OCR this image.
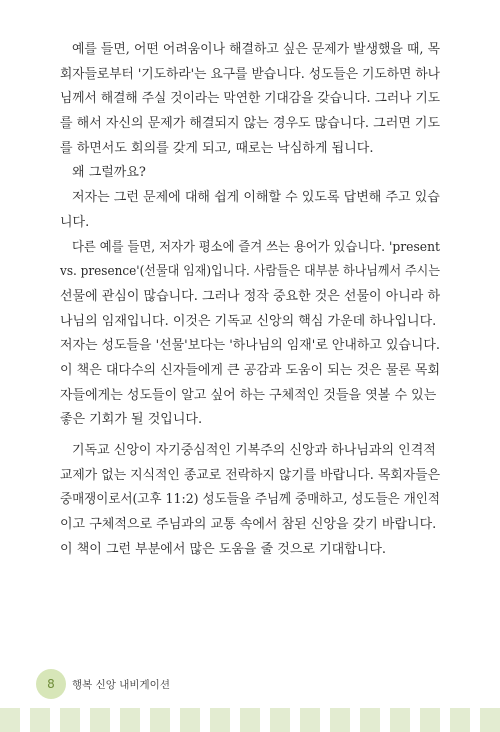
예를 들면, 어떤 어려움이나 해결하고 싶은 문제가 발생했을 때, 목
회자들로부터 '기도하라'는 요구를 받습니다. 성도들은 기도하면 하나
님께서 해결해 주실 것이라는 막연한 기대감을 갖습니다. 그러나 기도
를 해서 자신의 문제가 해결되지 않는 경우도 많습니다. 그러면 기도
를 하면서도 회의를 갖게 되고, 때로는 낙심하게 됩니다.
왜 그럴까요?
저자는 그런 문제에 대해 쉽게 이해할 수 있도록 답변해 주고 있습
니다.
다른 예를 들면, 저자가 평소에 즐겨 쓰는 용어가 있습니다. 'present
vs. presence'(선물대 임재)입니다. 사람들은 대부분 하나님께서 주시는
선물에 관심이 많습니다. 그러나 정작 중요한 것은 선물이 아니라 하
나님의 임재입니다. 이것은 기독교 신앙의 핵심 가운데 하나입니다.
저자는 성도들을 '선물'보다는 '하나님의 임재'로 안내하고 있습니다.
이 책은 대다수의 신자들에게 큰 공감과 도움이 되는 것은 물론 목회
자들에게는 성도들이 알고 싶어 하는 구체적인 것들을 엿볼 수 있는
좋은 기회가 될 것입니다.
기독교 신앙이 자기중심적인 기복주의 신앙과 하나님과의 인격적
교제가 없는 지식적인 종교로 전락하지 않기를 바랍니다. 목회자들은
중매쟁이로서(고후 11:2) 성도들을 주님께 중매하고, 성도들은 개인적
이고 구체적으로 주님과의 교통 속에서 참된 신앙을 갖기 바랍니다.
이 책이 그런 부분에서 많은 도움을 줄 것으로 기대합니다.
8	행복 신앙 내비게이션
